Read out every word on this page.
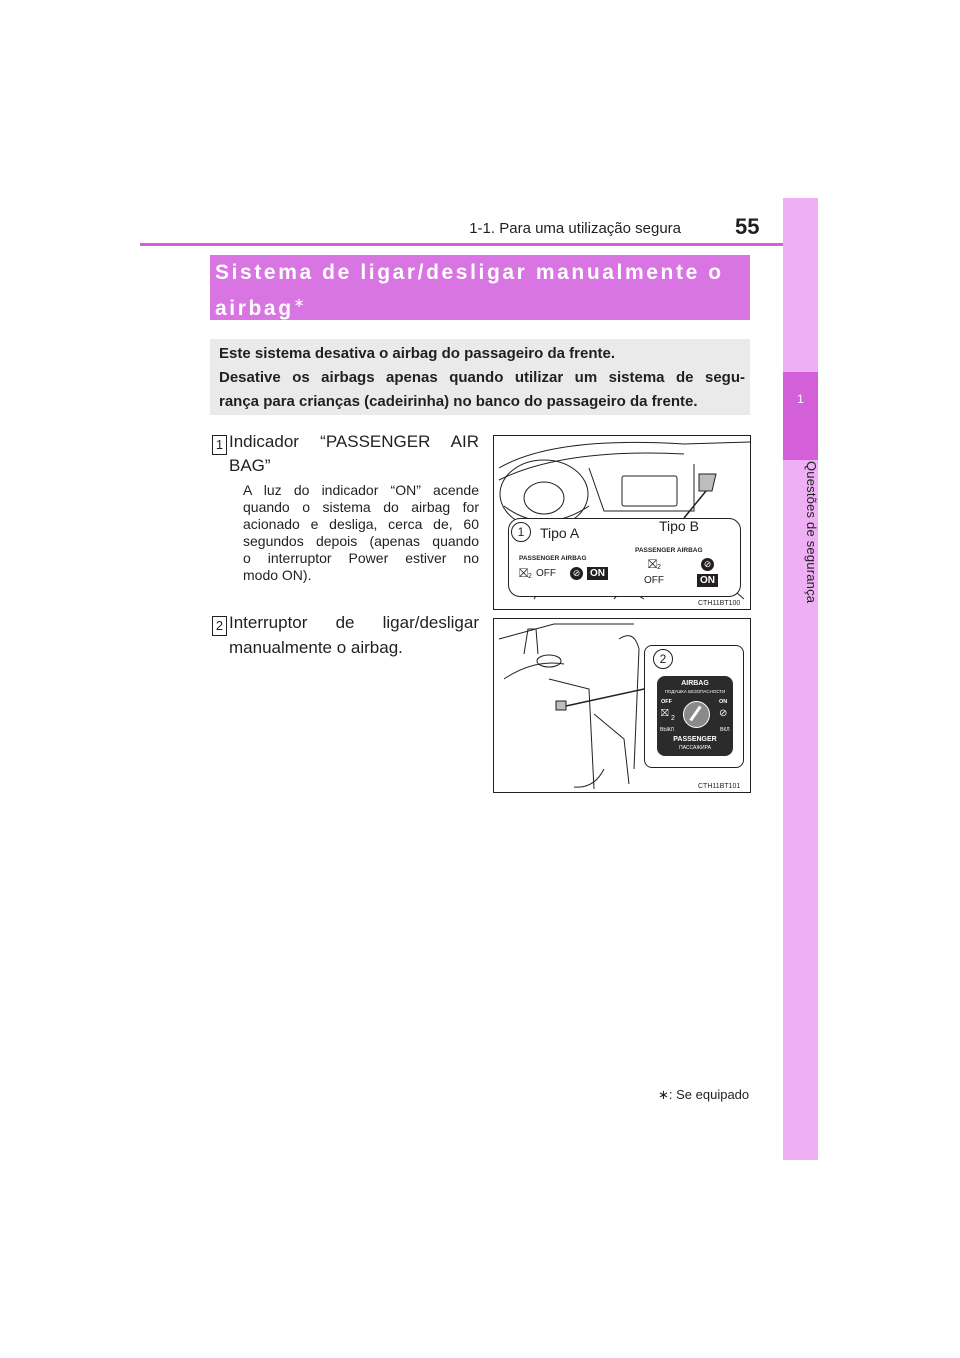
1-1. Para uma utilização segura 55
1
Questões de segurança
Sistema de ligar/desligar manualmente o
airbag∗
Este sistema desativa o airbag do passageiro da frente.
Desative os airbags apenas quando utilizar um sistema de segu-
rança para crianças (cadeirinha) no banco do passageiro da frente.
1 Indicador “PASSENGER AIR
BAG”
A luz do indicador “ON” acende
quando o sistema do airbag for
acionado e desliga, cerca de, 60
segundos depois (apenas quando
o interruptor Power estiver no
modo ON).
2 Interruptor de ligar/desligar
manualmente o airbag.
1	Tipo A	Tipo B
PASSENGER AIRBAG
PASSENGER AIRBAG
⛝ 2 OFF	⊘ ON
⛝ 2
OFF
⊘
ON
CTH11BT100
2
AIRBAG
ПОДУШКА БЕЗОПАСНОСТИ
OFF	ON
⛝ 2	⊘
ВЫКЛ	ВКЛ
PASSENGER
ПАССАЖИРА
CTH11BT101
∗: Se equipado
